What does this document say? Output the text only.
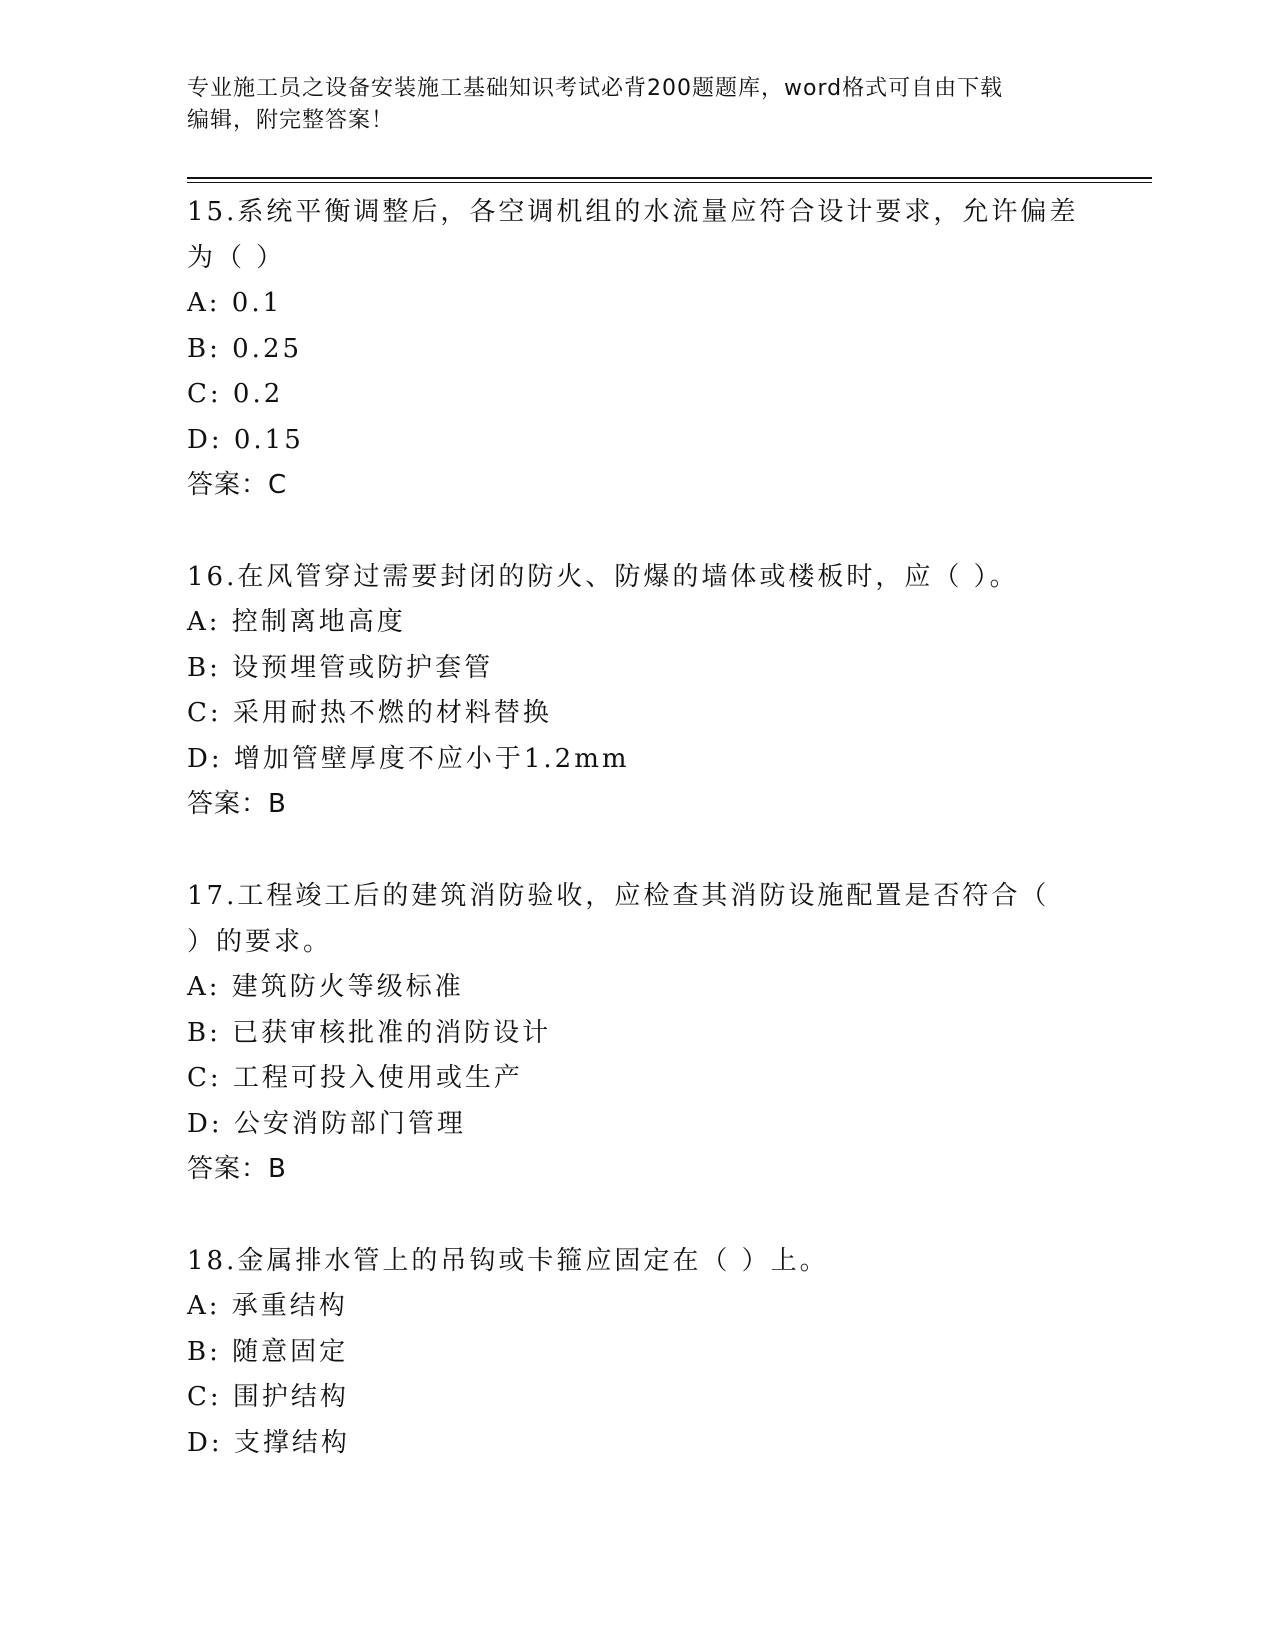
专业施工员之设备安装施工基础知识考试必背200题题库，word格式可自由下载
编辑，附完整答案！
15.系统平衡调整后，各空调机组的水流量应符合设计要求，允许偏差
为（ ）
A: 0.1
B: 0.25
C: 0.2
D: 0.15
答案：C
16.在风管穿过需要封闭的防火、防爆的墙体或楼板时，应（ ）。
A: 控制离地高度
B: 设预埋管或防护套管
C: 采用耐热不燃的材料替换
D: 增加管壁厚度不应小于1.2mm
答案：B
17.工程竣工后的建筑消防验收，应检查其消防设施配置是否符合（
）的要求。
A: 建筑防火等级标准
B: 已获审核批准的消防设计
C: 工程可投入使用或生产
D: 公安消防部门管理
答案：B
18.金属排水管上的吊钩或卡箍应固定在（ ）上。
A: 承重结构
B: 随意固定
C: 围护结构
D: 支撑结构
